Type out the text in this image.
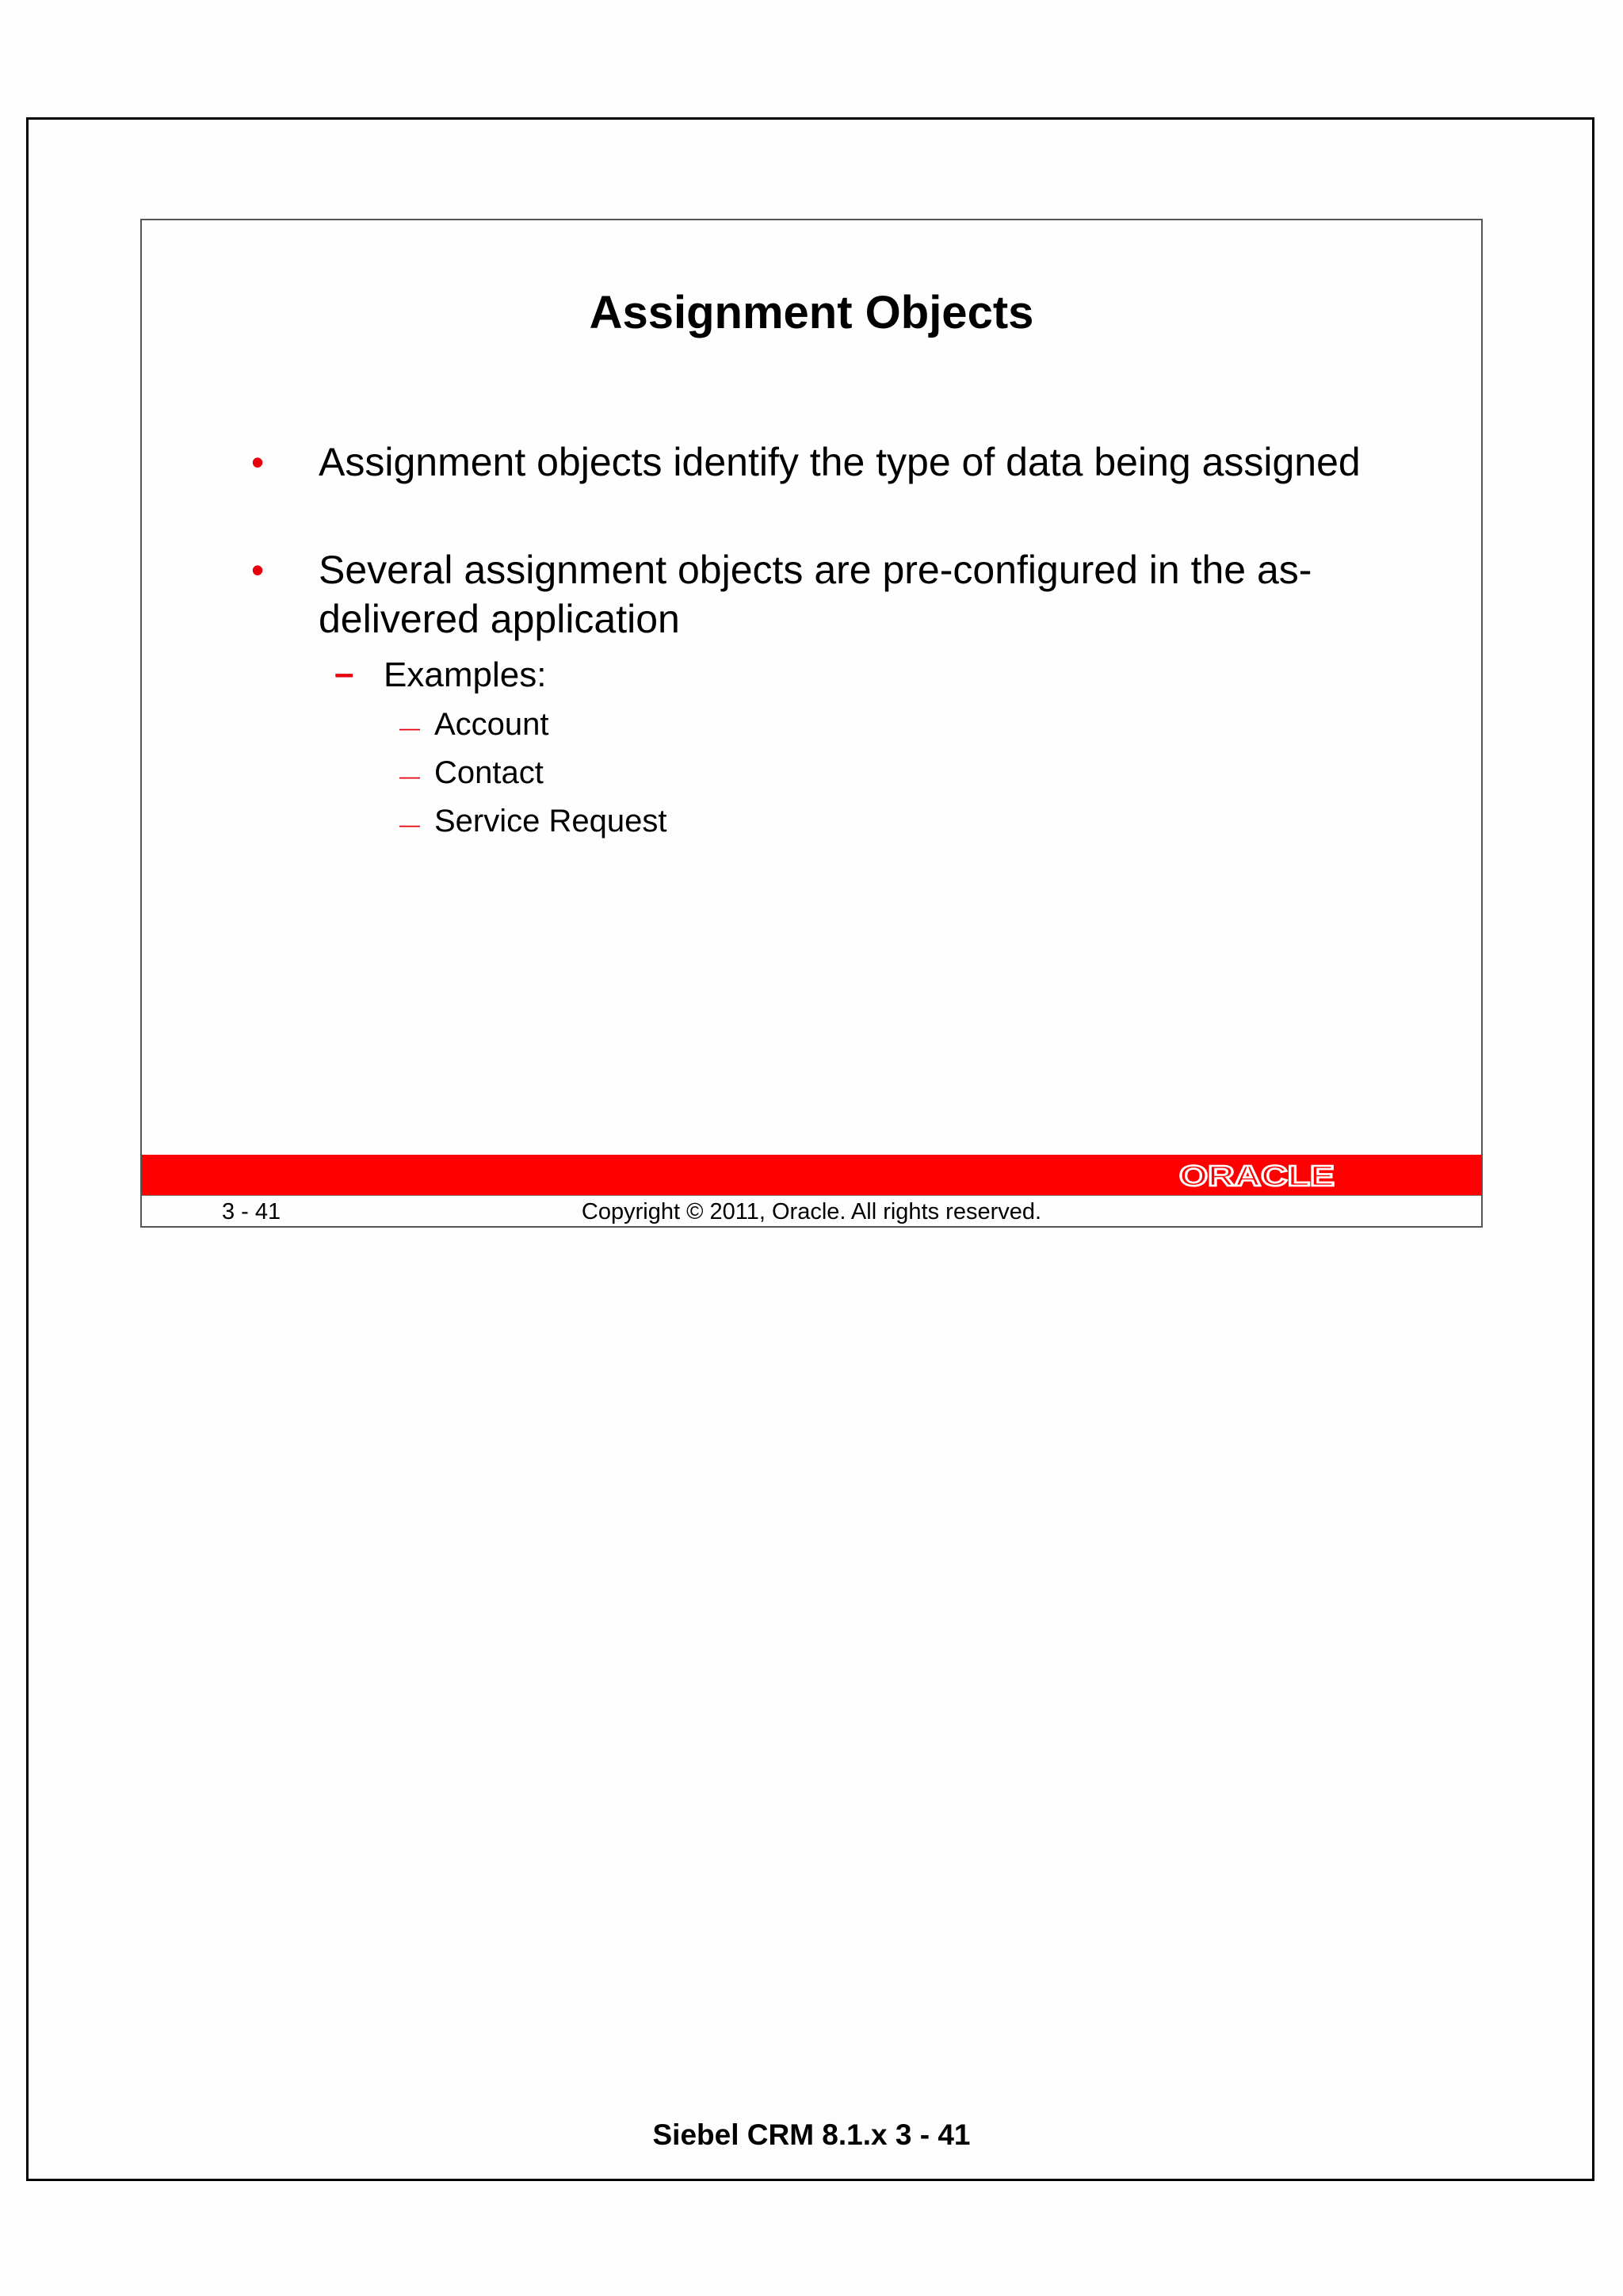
Assignment Objects
• Assignment objects identify the type of data being assigned
• Several assignment objects are pre-configured in the as-delivered application
– Examples:
— Account
— Contact
— Service Request
ORACLE
3 - 41	Copyright © 2011, Oracle. All rights reserved.
Siebel CRM 8.1.x 3 - 41
